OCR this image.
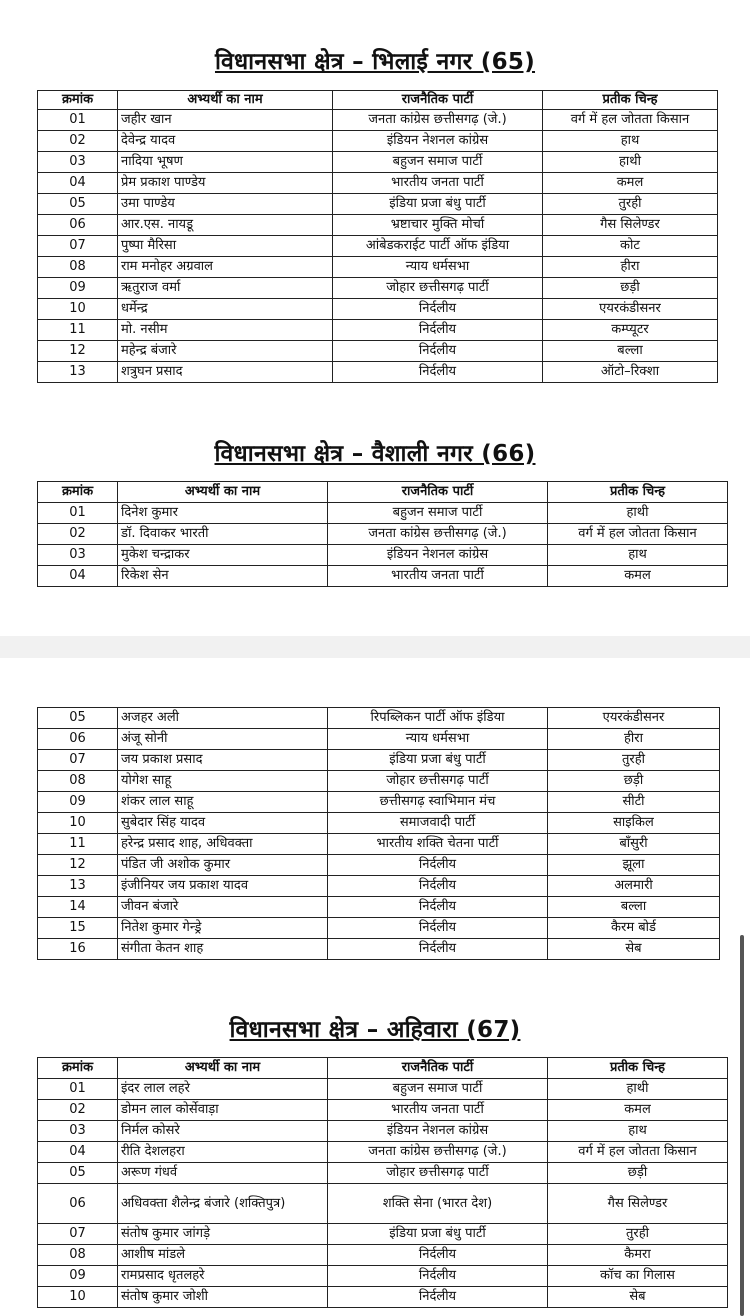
विधानसभा क्षेत्र – भिलाई नगर (65)
क्रमांक	अभ्यर्थी का नाम	राजनैतिक पार्टी	प्रतीक चिन्ह
01	जहीर खान	जनता कांग्रेस छत्तीसगढ़ (जे.)	वर्ग में हल जोतता किसान
02	देवेन्द्र यादव	इंडियन नेशनल कांग्रेस	हाथ
03	नादिया भूषण	बहुजन समाज पार्टी	हाथी
04	प्रेम प्रकाश पाण्डेय	भारतीय जनता पार्टी	कमल
05	उमा पाण्डेय	इंडिया प्रजा बंधु पार्टी	तुरही
06	आर.एस. नायडू	भ्रष्टाचार मुक्ति मोर्चा	गैस सिलेण्डर
07	पुष्पा मैरिसा	आंबेडकराईट पार्टी ऑफ इंडिया	कोट
08	राम मनोहर अग्रवाल	न्याय धर्मसभा	हीरा
09	ऋतुराज वर्मा	जोहार छत्तीसगढ़ पार्टी	छड़ी
10	धर्मेन्द्र	निर्दलीय	एयरकंडीसनर
11	मो. नसीम	निर्दलीय	कम्प्यूटर
12	महेन्द्र बंजारे	निर्दलीय	बल्ला
13	शत्रुघन प्रसाद	निर्दलीय	ऑटो–रिक्शा
विधानसभा क्षेत्र – वैशाली नगर (66)
क्रमांक	अभ्यर्थी का नाम	राजनैतिक पार्टी	प्रतीक चिन्ह
01	दिनेश कुमार	बहुजन समाज पार्टी	हाथी
02	डॉ. दिवाकर भारती	जनता कांग्रेस छत्तीसगढ़ (जे.)	वर्ग में हल जोतता किसान
03	मुकेश चन्द्राकर	इंडियन नेशनल कांग्रेस	हाथ
04	रिकेश सेन	भारतीय जनता पार्टी	कमल
05	अजहर अली	रिपब्लिकन पार्टी ऑफ इंडिया	एयरकंडीसनर
06	अंजू सोनी	न्याय धर्मसभा	हीरा
07	जय प्रकाश प्रसाद	इंडिया प्रजा बंधु पार्टी	तुरही
08	योगेश साहू	जोहार छत्तीसगढ़ पार्टी	छड़ी
09	शंकर लाल साहू	छत्तीसगढ़ स्वाभिमान मंच	सीटी
10	सुबेदार सिंह यादव	समाजवादी पार्टी	साइकिल
11	हरेन्द्र प्रसाद शाह, अधिवक्ता	भारतीय शक्ति चेतना पार्टी	बाँसुरी
12	पंडित जी अशोक कुमार	निर्दलीय	झूला
13	इंजीनियर जय प्रकाश यादव	निर्दलीय	अलमारी
14	जीवन बंजारे	निर्दलीय	बल्ला
15	नितेश कुमार गेन्ड्रे	निर्दलीय	कैरम बोर्ड
16	संगीता केतन शाह	निर्दलीय	सेब
विधानसभा क्षेत्र – अहिवारा (67)
क्रमांक	अभ्यर्थी का नाम	राजनैतिक पार्टी	प्रतीक चिन्ह
01	इंदर लाल लहरे	बहुजन समाज पार्टी	हाथी
02	डोमन लाल कोर्सेवाड़ा	भारतीय जनता पार्टी	कमल
03	निर्मल कोसरे	इंडियन नेशनल कांग्रेस	हाथ
04	रीति देशलहरा	जनता कांग्रेस छत्तीसगढ़ (जे.)	वर्ग में हल जोतता किसान
05	अरूण गंधर्व	जोहार छत्तीसगढ़ पार्टी	छड़ी
06	अधिवक्ता शैलेन्द्र बंजारे (शक्तिपुत्र)	शक्ति सेना (भारत देश)	गैस सिलेण्डर
07	संतोष कुमार जांगड़े	इंडिया प्रजा बंधु पार्टी	तुरही
08	आशीष मांडले	निर्दलीय	कैमरा
09	रामप्रसाद धृतलहरे	निर्दलीय	कॉच का गिलास
10	संतोष कुमार जोशी	निर्दलीय	सेब
